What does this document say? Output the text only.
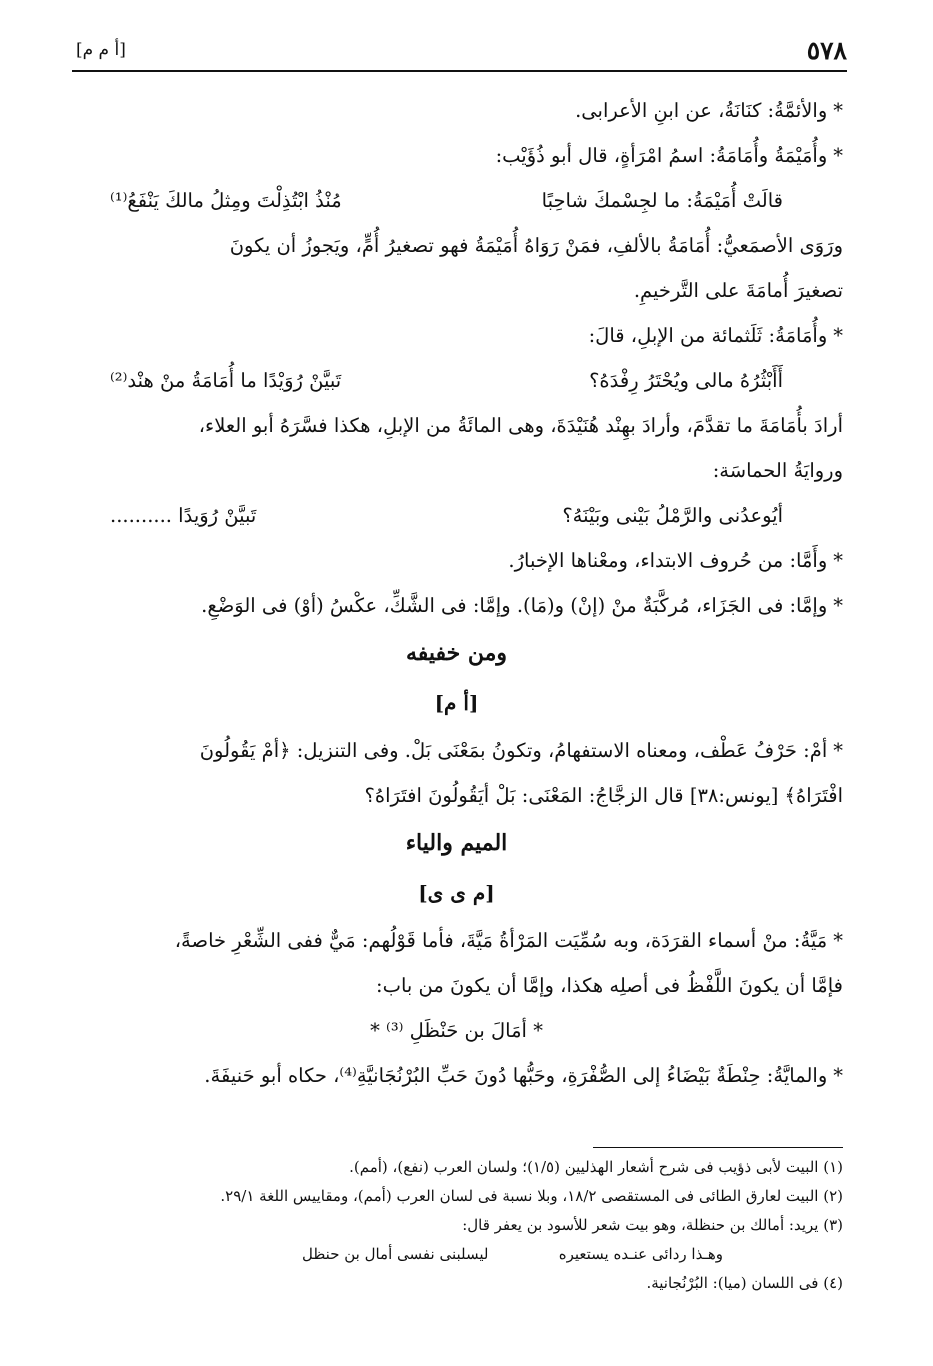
٥٧٨
[أ م م]

*والأئمَّةُ: كنَانَةُ، عن ابنِ الأعرابى.

*وأُمَيْمَةُ وأُمَامَةُ: اسمُ امْرَأةٍ، قال أبو ذُؤَيْب:

قالَتْ أُمَيْمَةُ: ما لجِسْمكَ شاحِبًا
مُنْذُ ابْتُذِلْتَ ومِثلُ مالكَ يَنْفَعُ⁽¹⁾

ورَوَى الأصمَعيُّ: أُمَامَةُ بالألفِ، فمَنْ رَوَاهُ أُمَيْمَةُ فهو تصغيرُ أُمٍّ، ويَجوزُ أن يكونَ

تصغيرَ أُمامَةَ على التَّرخيمِ.

*وأُمَامَةُ: ثَلَثمائة من الإبلِ، قالَ:

أَأَبْثُرُهُ مالى ويُحْتَرُ رِفْدَهُ؟
تَبيَّنْ رُوَيْدًا ما أُمَامَةُ منْ هنْد⁽²⁾

أرادَ بأُمَامَةَ ما تقدَّمَ، وأرادَ بهِنْد هُنَيْدَةَ، وهى المائَةُ من الإبلِ، هكذا فسَّرَهُ أبو العلاء،

وروايَةُ الحماسَة:

أيُوعدُنى والرَّمْلُ بَيْنى وبَيْنَهُ؟
تَبيَّنْ رُوَيدًا ..........

*وأَمَّا: من حُروف الابتداء، ومعْناها الإخبارُ.

*وإمَّا: فى الجَزَاء، مُركَّبَةٌ منْ (إنْ) و(مَا). وإمَّا: فى الشَّكِّ، عكْسُ (أوْ) فى الوَضْعِ.

ومن خفيفه
[أ م]

*أمْ: حَرْفُ عَطْف، ومعناه الاستفهامُ، وتكونُ بمَعْنَى بَلْ. وفى التنزيل: ﴿أمْ يَقُولُونَ

افْتَرَاهُ﴾ [يونس:٣٨] قال الزجَّاجُ: المَعْنَى: بَلْ أيَقُولُونَ افتَرَاهُ؟

الميم والياء
[م ى ى]

*مَيَّةُ: منْ أسماء القرَدَة، وبه سُمِّيَت المَرْأةُ مَيَّةَ، فأما قَوْلُهم: مَيٌّ ففى الشِّعْرِ خاصةً،

فإمَّا أن يكونَ اللَّفْظُ فى أصلِه هكذا، وإمَّا أن يكونَ من باب:

* أمَالَ بن حَنْظَلِ ⁽³⁾ *

*والمايَّةُ: حِنْطَةٌ بَيْضَاءُ إلى الصُّفْرَةِ، وحَبُّها دُونَ حَبِّ البُرْنُجَانيَّةِ⁽⁴⁾، حكاه أبو حَنيفَةَ.

(١) البيت لأبى ذؤيب فى شرح أشعار الهذليين (١/٥)؛ ولسان العرب (نفع)، (أمم).

(٢) البيت لعارق الطائى فى المستقصى ١٨/٢، وبلا نسبة فى لسان العرب (أمم)، ومقاييس اللغة ٢٩/١.

(٣) يريد: أمالك بن حنظلة، وهو بيت شعر للأسود بن يعفر قال:

وهـذا ردائى عنـده يستعيره
ليسلبنى نفسى أمال بن حنظل

(٤) فى اللسان (ميا): البُرْنُجانية.
